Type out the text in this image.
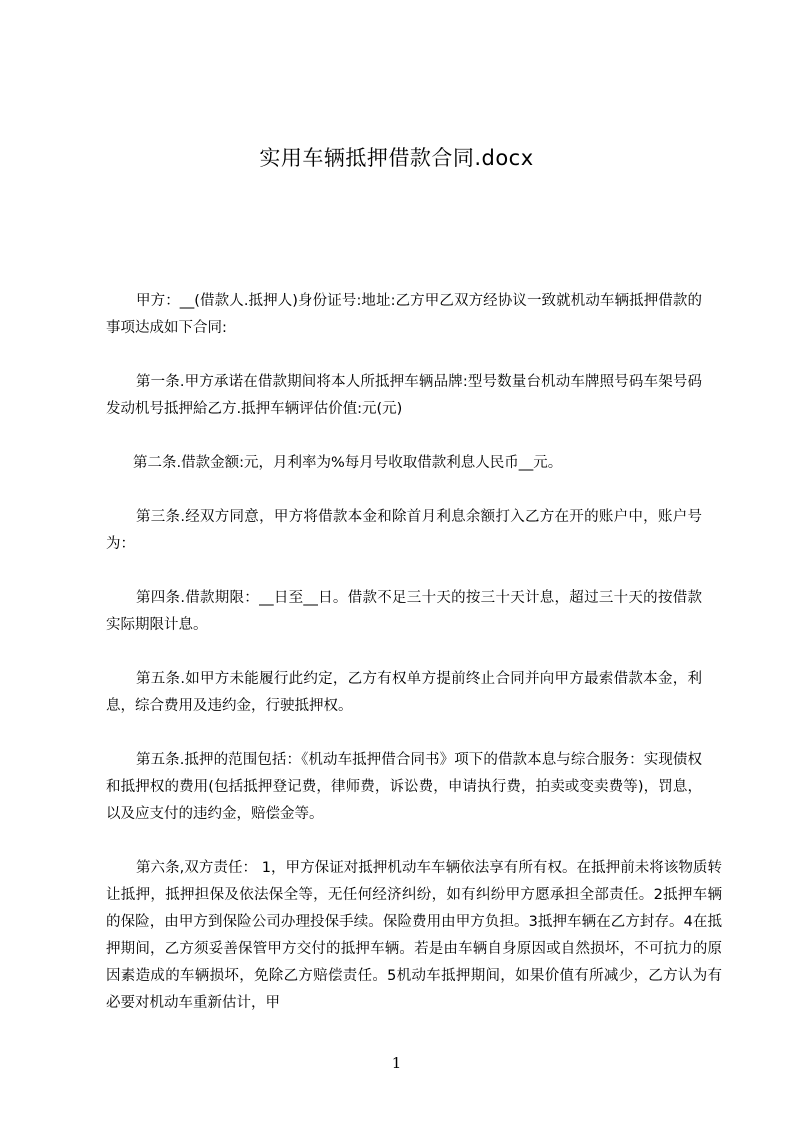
实用车辆抵押借款合同.docx

甲方：__(借款人.抵押人)身份证号:地址:乙方甲乙双方经协议一致就机动车辆抵押借款的事项达成如下合同:

第一条.甲方承诺在借款期间将本人所抵押车辆品牌:型号数量台机动车牌照号码车架号码发动机号抵押給乙方.抵押车辆评估价值:元(元)

第二条.借款金额:元，月利率为%每月号收取借款利息人民币__元。

第三条.经双方同意，甲方将借款本金和除首月利息余额打入乙方在开的账户中，账户号为：

第四条.借款期限：__日至__日。借款不足三十天的按三十天计息，超过三十天的按借款实际期限计息。

第五条.如甲方未能履行此约定，乙方有权单方提前终止合同并向甲方最索借款本金，利息，综合费用及违约金，行驶抵押权。

第五条.抵押的范围包括：《机动车抵押借合同书》项下的借款本息与综合服务：实现债权和抵押权的费用(包括抵押登记费，律师费，诉讼费，申请执行费，拍卖或变卖费等)，罚息，以及应支付的违约金，赔偿金等。

第六条,双方责任： 1，甲方保证对抵押机动车车辆依法享有所有权。在抵押前未将该物质转让抵押，抵押担保及依法保全等，无任何经济纠纷，如有纠纷甲方愿承担全部责任。2抵押车辆的保险，由甲方到保险公司办理投保手续。保险费用由甲方负担。3抵押车辆在乙方封存。4在抵押期间，乙方须妥善保管甲方交付的抵押车辆。若是由车辆自身原因或自然损坏，不可抗力的原因素造成的车辆损坏，免除乙方赔偿责任。5机动车抵押期间，如果价值有所减少，乙方认为有必要对机动车重新估计，甲

1
